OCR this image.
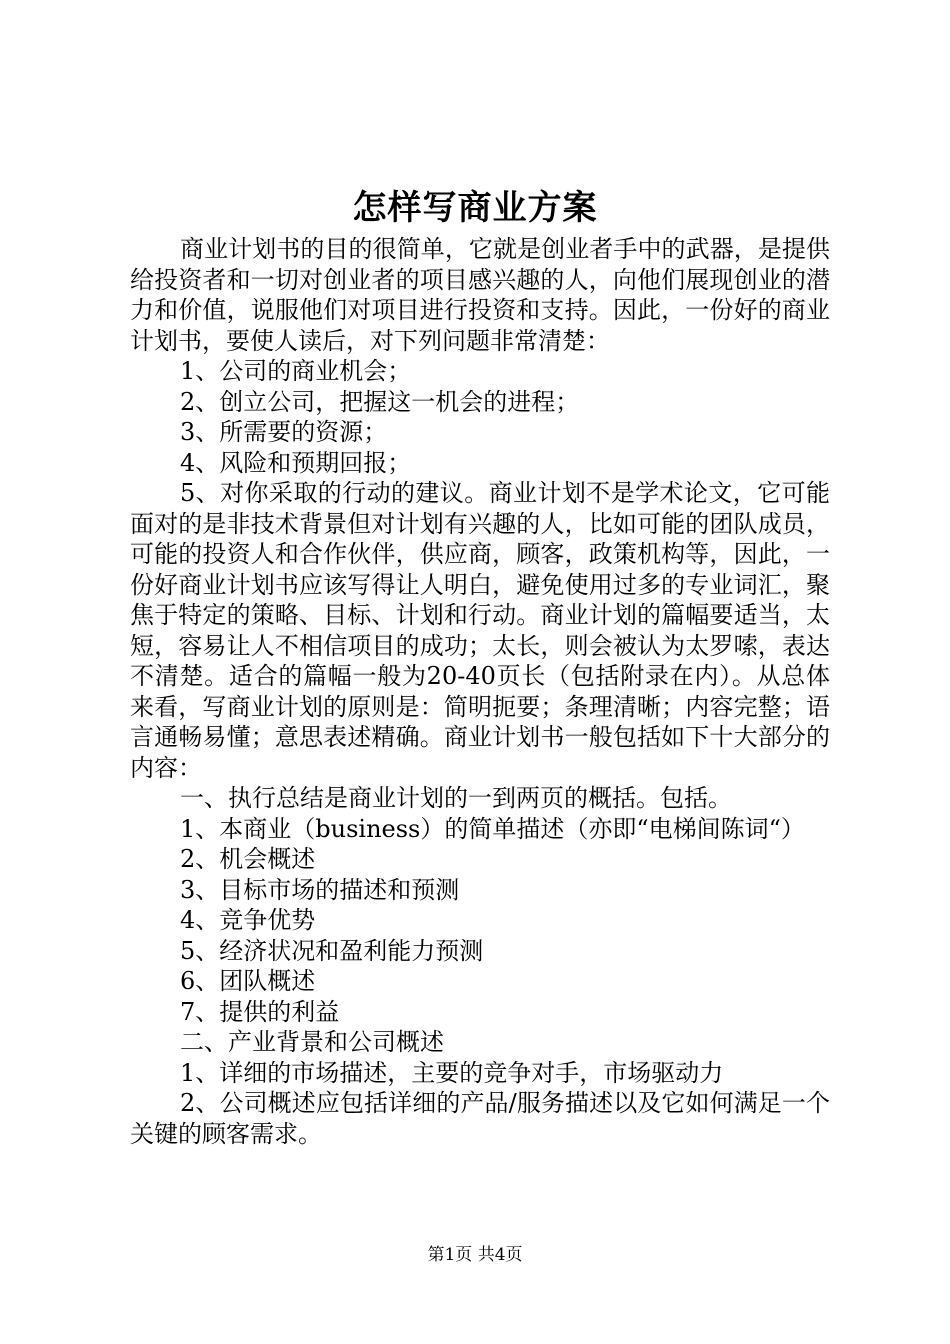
怎样写商业方案

商业计划书的目的很简单，它就是创业者手中的武器，是提供给投资者和一切对创业者的项目感兴趣的人，向他们展现创业的潜力和价值，说服他们对项目进行投资和支持。因此，一份好的商业计划书，要使人读后，对下列问题非常清楚：

1、公司的商业机会；

2、创立公司，把握这一机会的进程；

3、所需要的资源；

4、风险和预期回报；

5、对你采取的行动的建议。商业计划不是学术论文，它可能面对的是非技术背景但对计划有兴趣的人，比如可能的团队成员，可能的投资人和合作伙伴，供应商，顾客，政策机构等，因此，一份好商业计划书应该写得让人明白，避免使用过多的专业词汇，聚焦于特定的策略、目标、计划和行动。商业计划的篇幅要适当，太短，容易让人不相信项目的成功；太长，则会被认为太罗嗦，表达不清楚。适合的篇幅一般为20-40页长（包括附录在内）。从总体来看，写商业计划的原则是：简明扼要；条理清晰；内容完整；语言通畅易懂；意思表述精确。商业计划书一般包括如下十大部分的内容：

一、执行总结是商业计划的一到两页的概括。包括。

1、本商业（business）的简单描述（亦即“电梯间陈词“）

2、机会概述

3、目标市场的描述和预测

4、竞争优势

5、经济状况和盈利能力预测

6、团队概述

7、提供的利益

二、产业背景和公司概述

1、详细的市场描述，主要的竞争对手，市场驱动力

2、公司概述应包括详细的产品/服务描述以及它如何满足一个关键的顾客需求。

第1页 共4页
